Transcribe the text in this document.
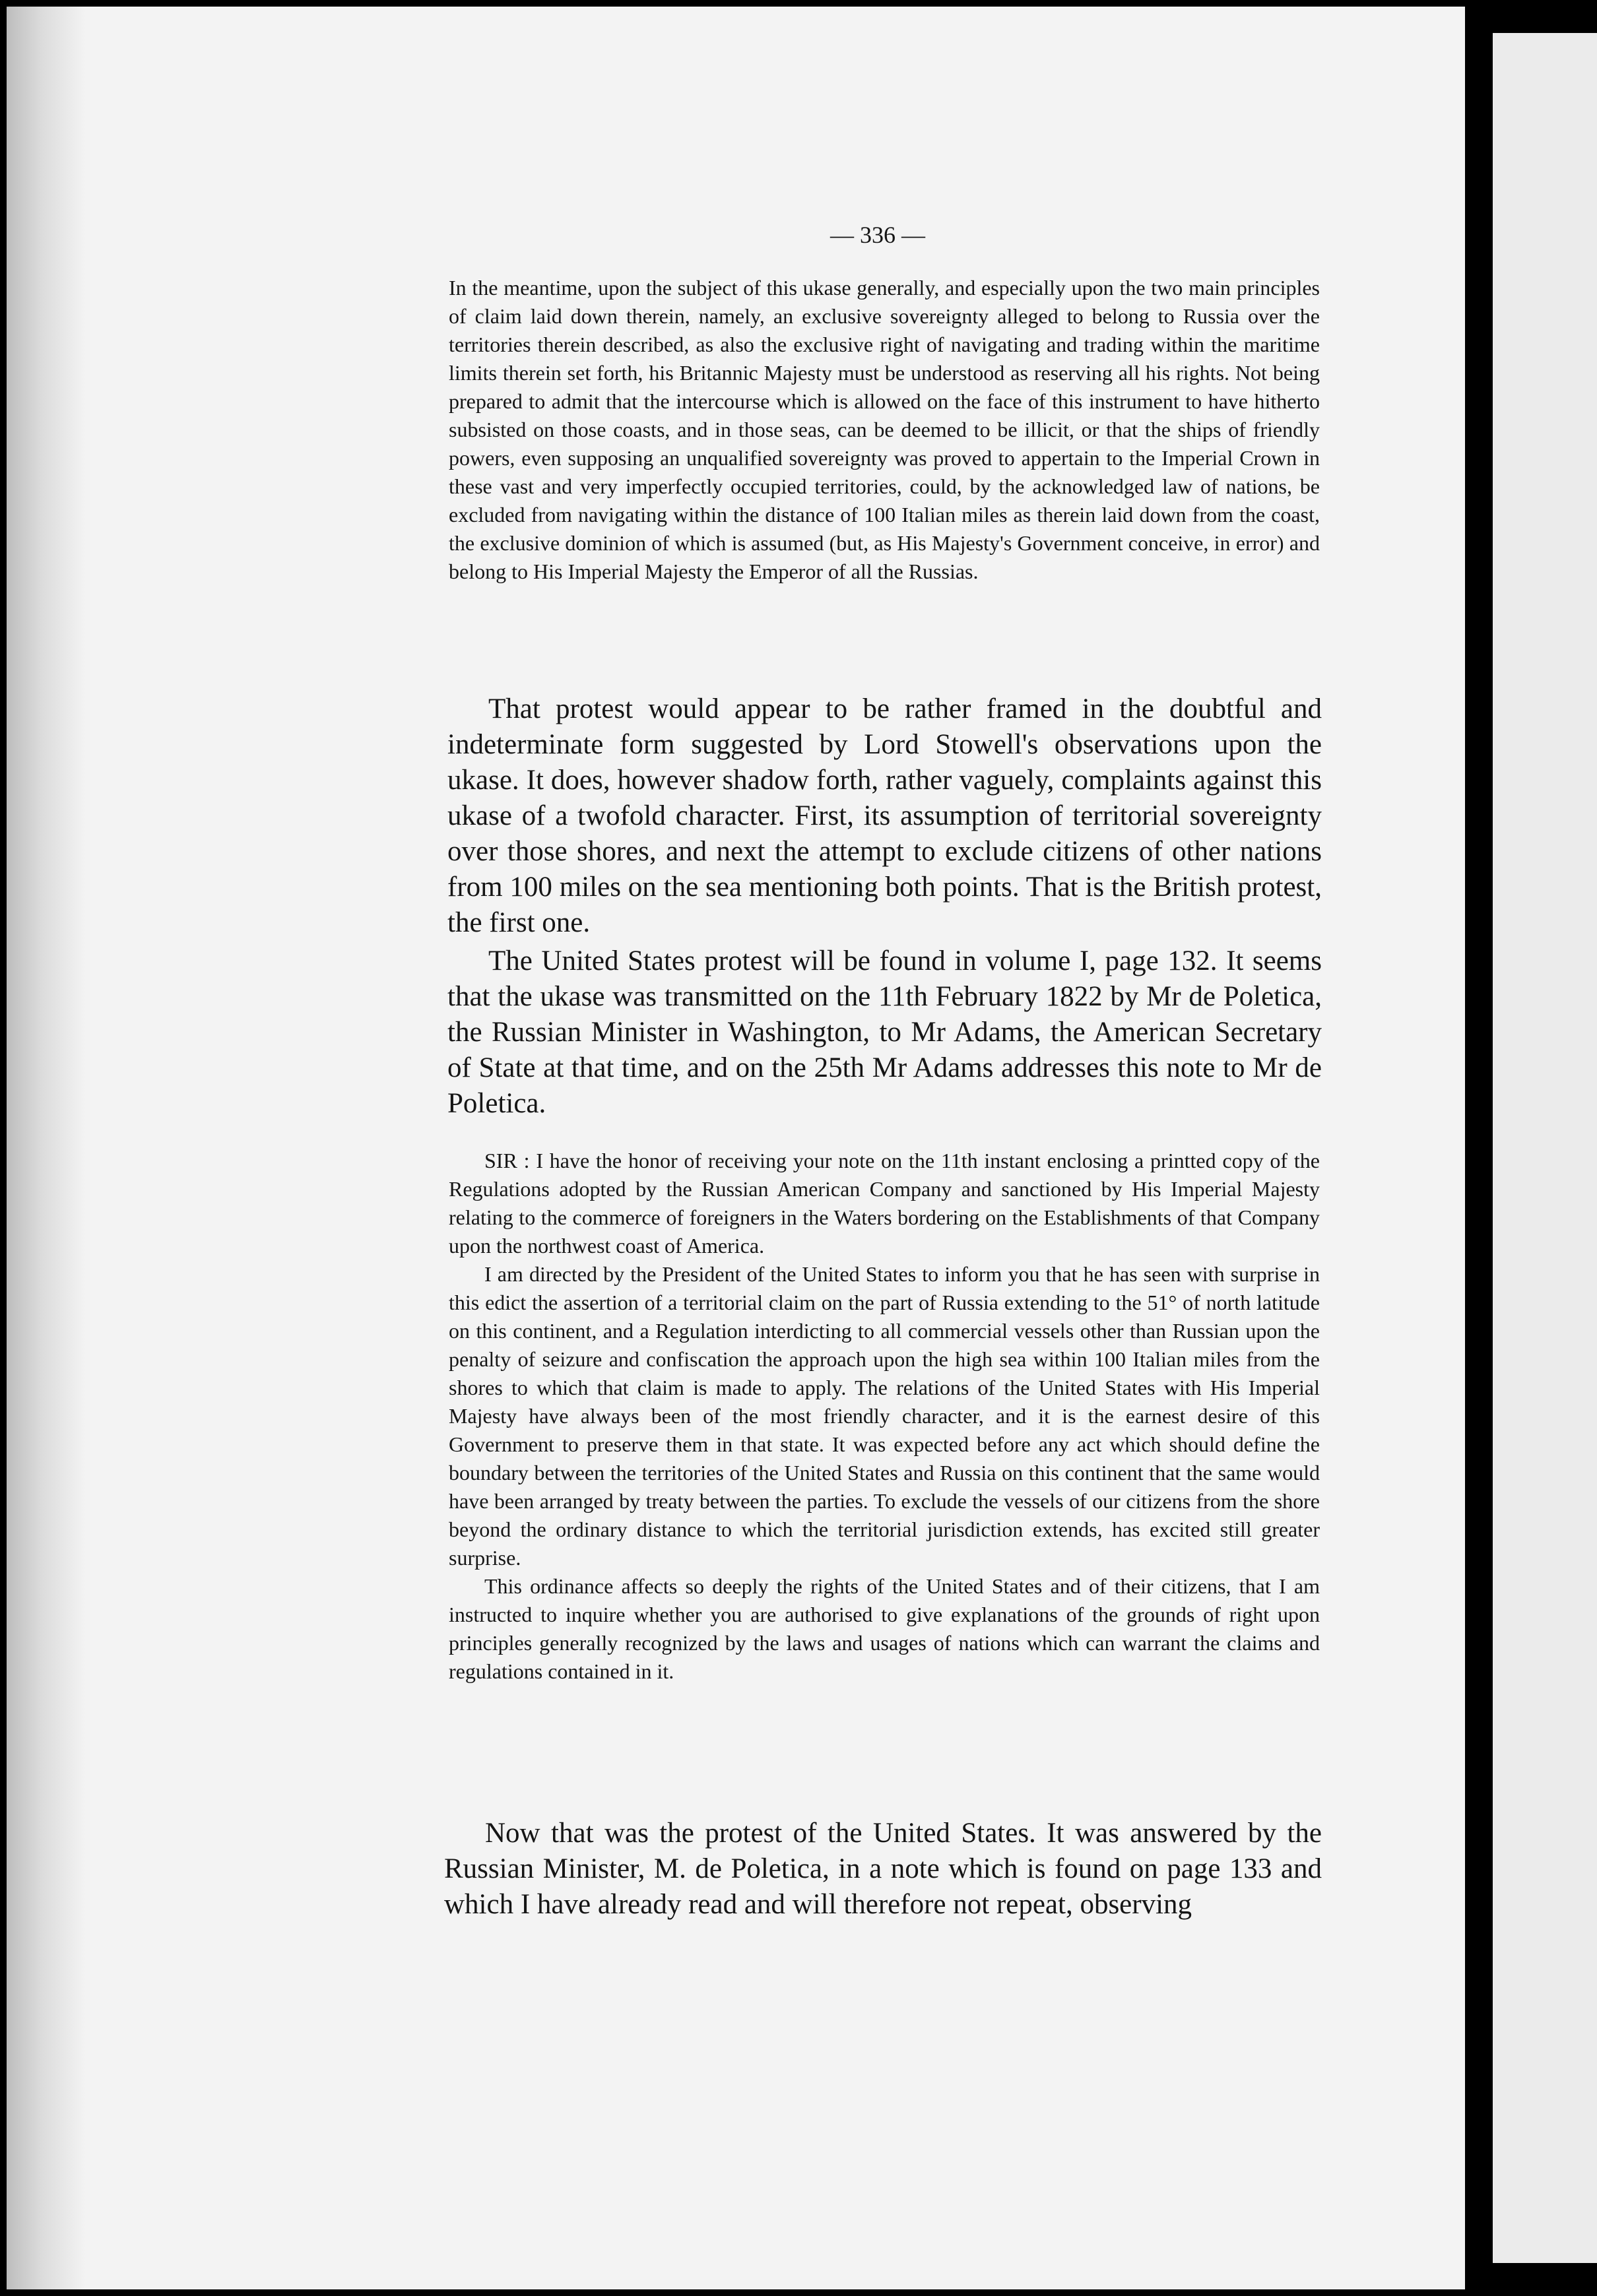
— 336 —

In the meantime, upon the subject of this ukase generally, and especially upon the two main principles of claim laid down therein, namely, an exclusive sovereignty alleged to belong to Russia over the territories therein described, as also the exclusive right of navigating and trading within the maritime limits therein set forth, his Britannic Majesty must be understood as reserving all his rights. Not being prepared to admit that the intercourse which is allowed on the face of this instrument to have hitherto subsisted on those coasts, and in those seas, can be deemed to be illicit, or that the ships of friendly powers, even supposing an unqualified sovereignty was proved to appertain to the Imperial Crown in these vast and very imperfectly occupied territories, could, by the acknowledged law of nations, be excluded from navigating within the distance of 100 Italian miles as therein laid down from the coast, the exclusive dominion of which is assumed (but, as His Majesty's Government conceive, in error) and belong to His Imperial Majesty the Emperor of all the Russias.

That protest would appear to be rather framed in the doubtful and indeterminate form suggested by Lord Stowell's observations upon the ukase. It does, however shadow forth, rather vaguely, complaints against this ukase of a twofold character. First, its assumption of territorial sovereignty over those shores, and next the attempt to exclude citizens of other nations from 100 miles on the sea mentioning both points. That is the British protest, the first one.

The United States protest will be found in volume I, page 132. It seems that the ukase was transmitted on the 11th February 1822 by Mr de Poletica, the Russian Minister in Washington, to Mr Adams, the American Secretary of State at that time, and on the 25th Mr Adams addresses this note to Mr de Poletica.

SIR : I have the honor of receiving your note on the 11th instant enclosing a printted copy of the Regulations adopted by the Russian American Company and sanctioned by His Imperial Majesty relating to the commerce of foreigners in the Waters bordering on the Establishments of that Company upon the northwest coast of America.

I am directed by the President of the United States to inform you that he has seen with surprise in this edict the assertion of a territorial claim on the part of Russia extending to the 51° of north latitude on this continent, and a Regulation interdicting to all commercial vessels other than Russian upon the penalty of seizure and confiscation the approach upon the high sea within 100 Italian miles from the shores to which that claim is made to apply. The relations of the United States with His Imperial Majesty have always been of the most friendly character, and it is the earnest desire of this Government to preserve them in that state. It was expected before any act which should define the boundary between the territories of the United States and Russia on this continent that the same would have been arranged by treaty between the parties. To exclude the vessels of our citizens from the shore beyond the ordinary distance to which the territorial jurisdiction extends, has excited still greater surprise.

This ordinance affects so deeply the rights of the United States and of their citizens, that I am instructed to inquire whether you are authorised to give explanations of the grounds of right upon principles generally recognized by the laws and usages of nations which can warrant the claims and regulations contained in it.

Now that was the protest of the United States. It was answered by the Russian Minister, M. de Poletica, in a note which is found on page 133 and which I have already read and will therefore not repeat, observing
